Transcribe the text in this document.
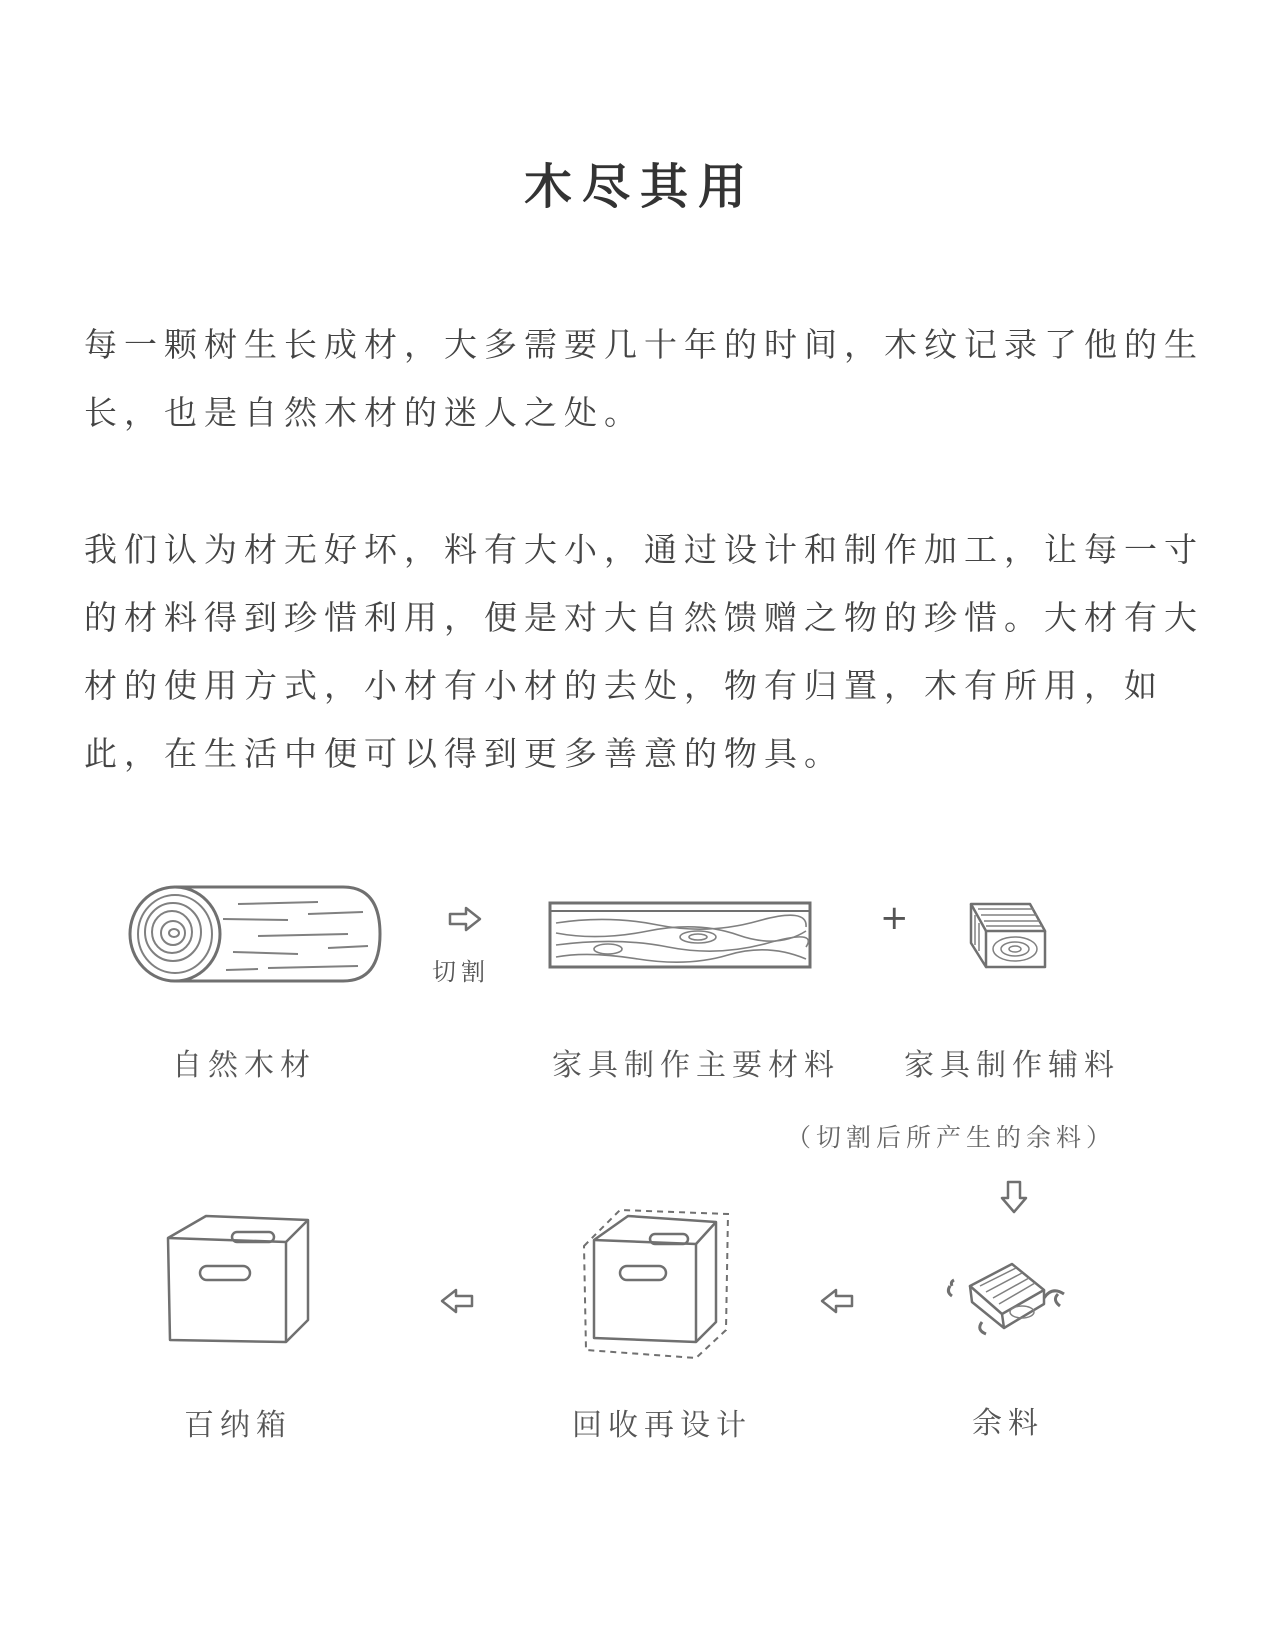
木尽其用

每一颗树生长成材，大多需要几十年的时间，木纹记录了他的生长，也是自然木材的迷人之处。

我们认为材无好坏，料有大小，通过设计和制作加工，让每一寸的材料得到珍惜利用，便是对大自然馈赠之物的珍惜。大材有大材的使用方式，小材有小材的去处，物有归置，木有所用，如此，在生活中便可以得到更多善意的物具。

切割
+
自然木材	家具制作主要材料 家具制作辅料
（切割后所产生的余料）
余料
回收再设计
百纳箱
